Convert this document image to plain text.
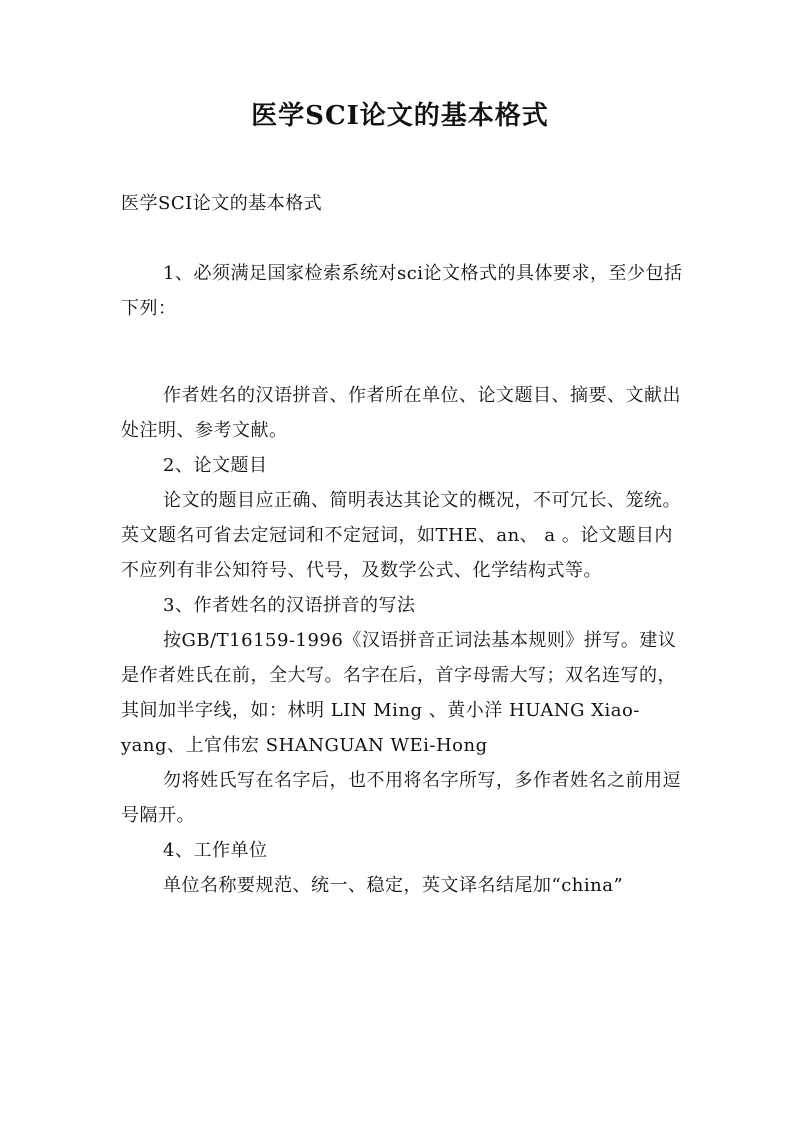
医学SCI论文的基本格式

医学SCI论文的基本格式

1、必须满足国家检索系统对sci论文格式的具体要求，至少包括下列：

作者姓名的汉语拼音、作者所在单位、论文题目、摘要、文献出处注明、参考文献。

2、论文题目

论文的题目应正确、简明表达其论文的概况，不可冗长、笼统。英文题名可省去定冠词和不定冠词，如THE、an、 a 。论文题目内不应列有非公知符号、代号，及数学公式、化学结构式等。

3、作者姓名的汉语拼音的写法

按GB/T16159-1996《汉语拼音正词法基本规则》拼写。建议是作者姓氏在前，全大写。名字在后，首字母需大写；双名连写的，其间加半字线，如：林明 LIN Ming 、黄小洋 HUANG Xiao-yang、上官伟宏 SHANGUAN WEi-Hong

勿将姓氏写在名字后，也不用将名字所写，多作者姓名之前用逗号隔开。

4、工作单位

单位名称要规范、统一、稳定，英文译名结尾加“china”
